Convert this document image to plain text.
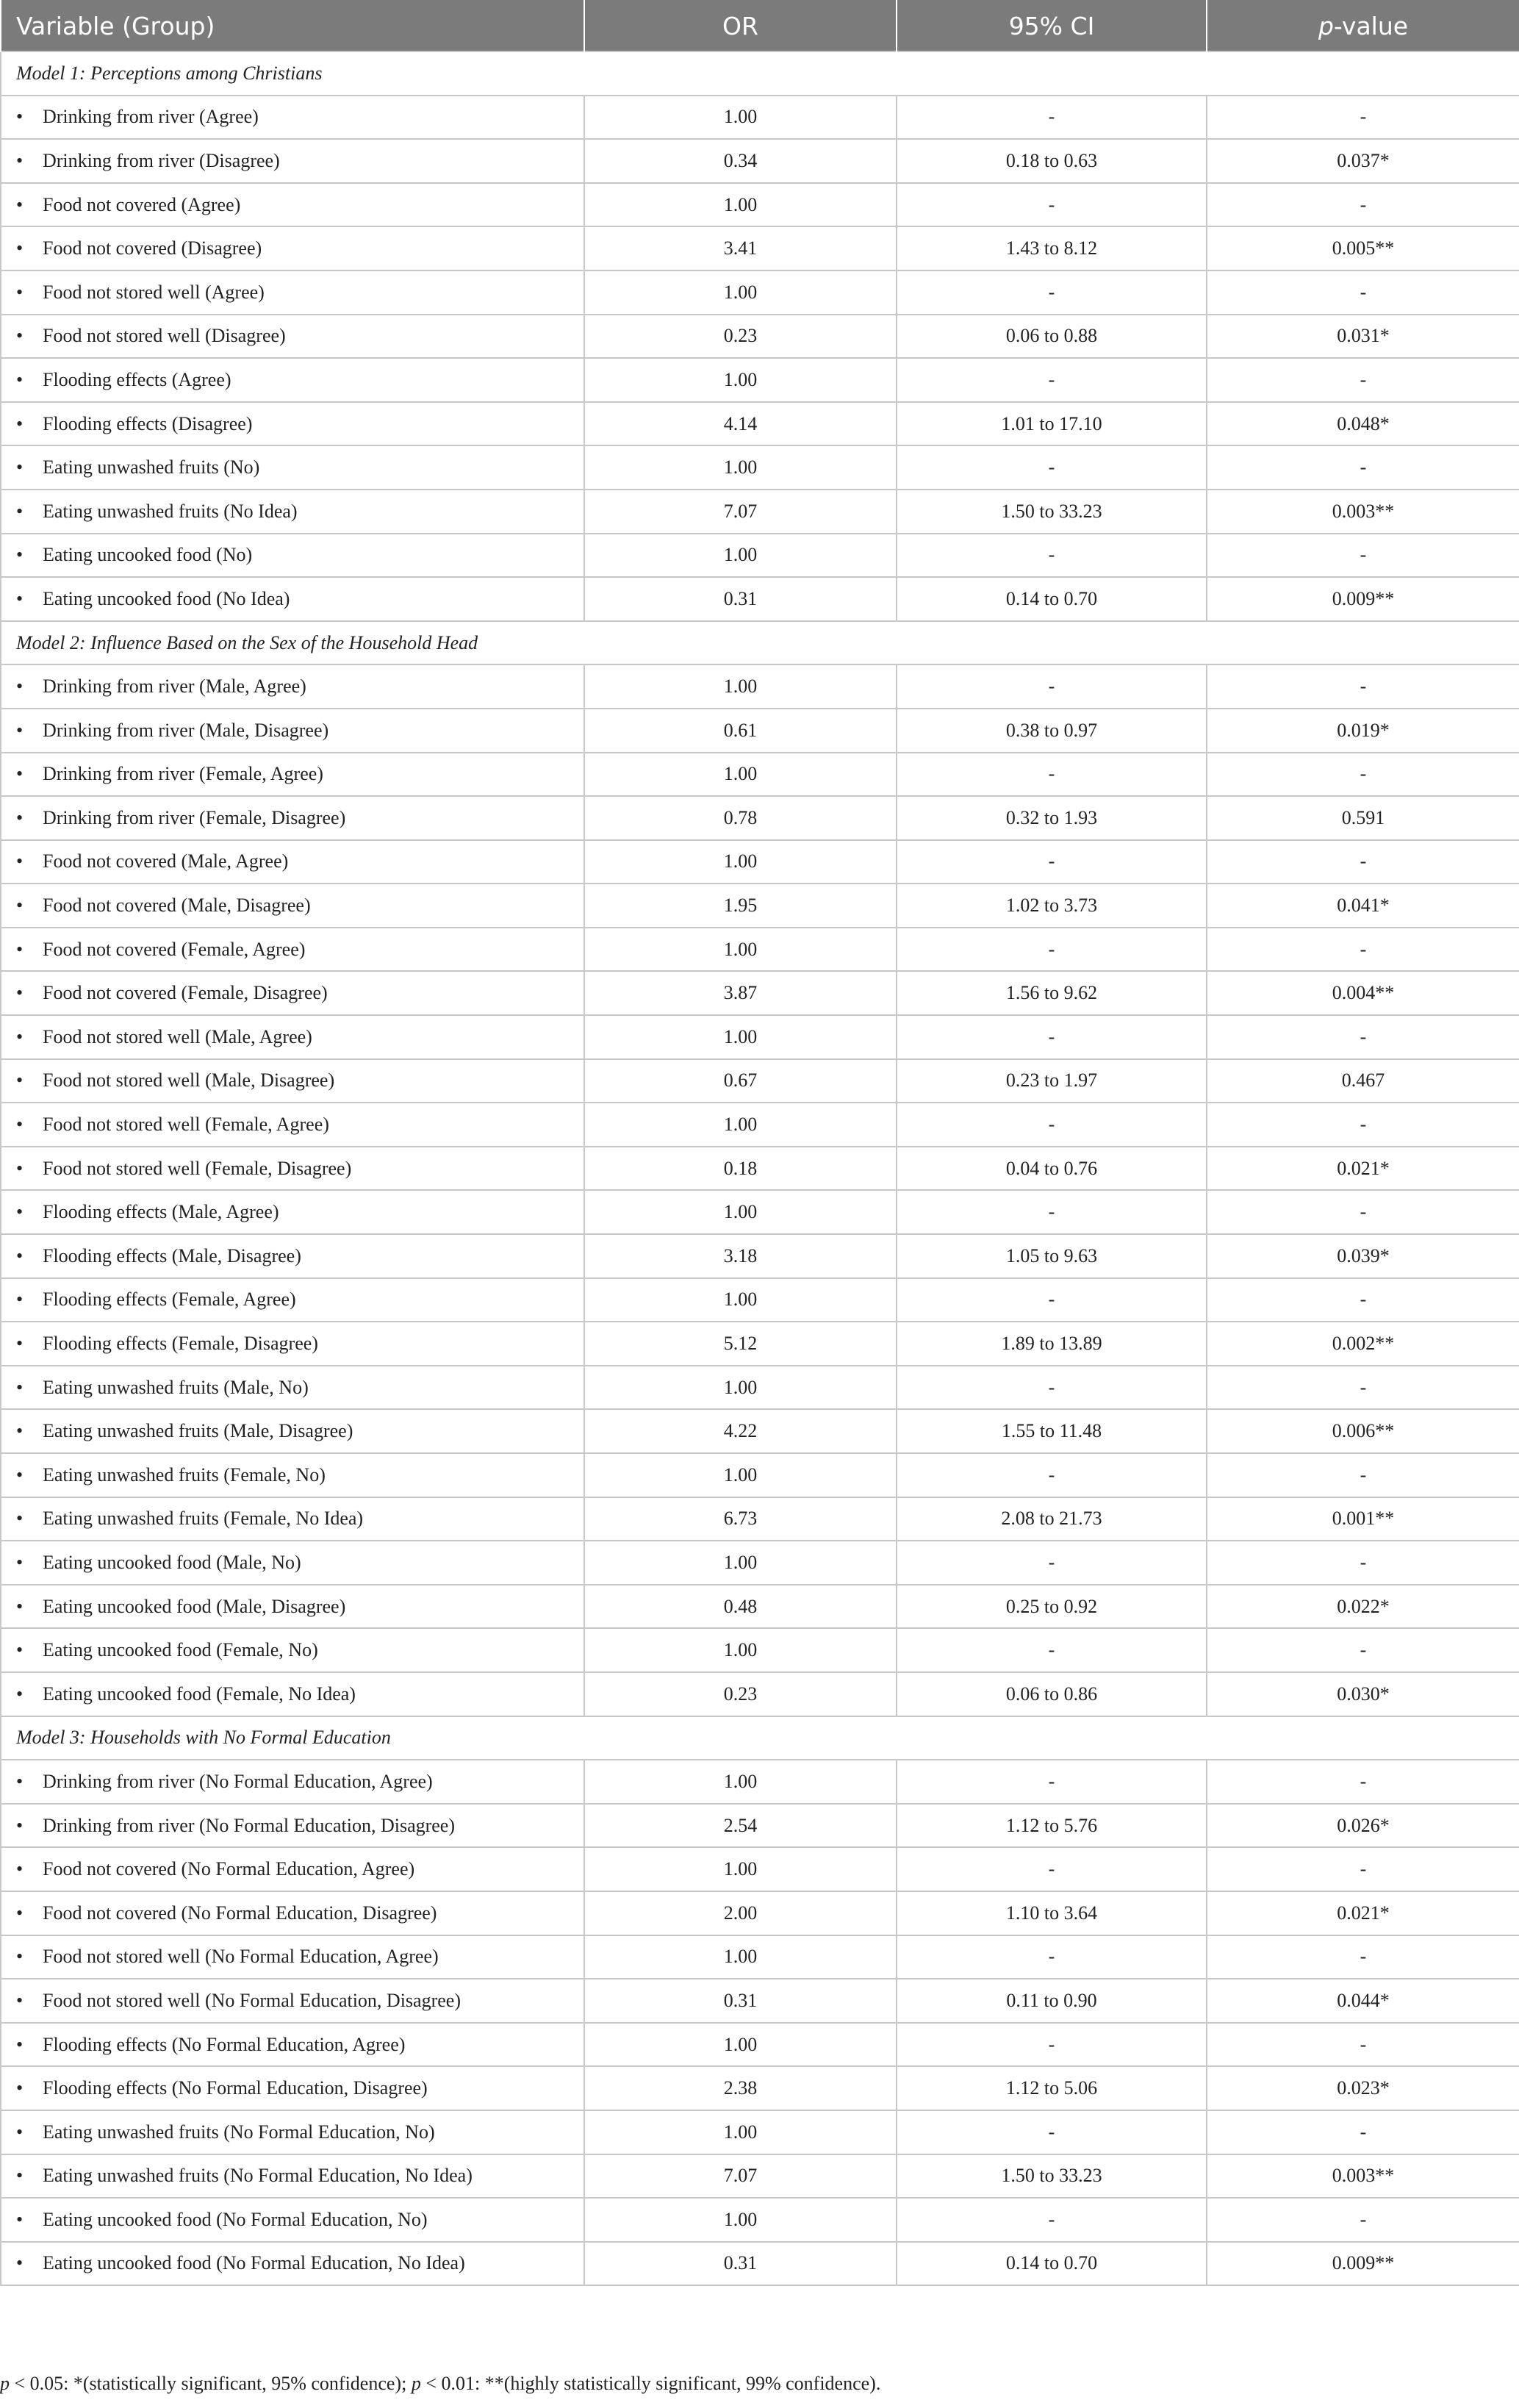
Variable (Group)	OR	95% CI	p-value
Model 1: Perceptions among Christians			
• Drinking from river (Agree)	1.00	-	-
• Drinking from river (Disagree)	0.34	0.18 to 0.63	0.037*
• Food not covered (Agree)	1.00	-	-
• Food not covered (Disagree)	3.41	1.43 to 8.12	0.005**
• Food not stored well (Agree)	1.00	-	-
• Food not stored well (Disagree)	0.23	0.06 to 0.88	0.031*
• Flooding effects (Agree)	1.00	-	-
• Flooding effects (Disagree)	4.14	1.01 to 17.10	0.048*
• Eating unwashed fruits (No)	1.00	-	-
• Eating unwashed fruits (No Idea)	7.07	1.50 to 33.23	0.003**
• Eating uncooked food (No)	1.00	-	-
• Eating uncooked food (No Idea)	0.31	0.14 to 0.70	0.009**
Model 2: Influence Based on the Sex of the Household Head			
• Drinking from river (Male, Agree)	1.00	-	-
• Drinking from river (Male, Disagree)	0.61	0.38 to 0.97	0.019*
• Drinking from river (Female, Agree)	1.00	-	-
• Drinking from river (Female, Disagree)	0.78	0.32 to 1.93	0.591
• Food not covered (Male, Agree)	1.00	-	-
• Food not covered (Male, Disagree)	1.95	1.02 to 3.73	0.041*
• Food not covered (Female, Agree)	1.00	-	-
• Food not covered (Female, Disagree)	3.87	1.56 to 9.62	0.004**
• Food not stored well (Male, Agree)	1.00	-	-
• Food not stored well (Male, Disagree)	0.67	0.23 to 1.97	0.467
• Food not stored well (Female, Agree)	1.00	-	-
• Food not stored well (Female, Disagree)	0.18	0.04 to 0.76	0.021*
• Flooding effects (Male, Agree)	1.00	-	-
• Flooding effects (Male, Disagree)	3.18	1.05 to 9.63	0.039*
• Flooding effects (Female, Agree)	1.00	-	-
• Flooding effects (Female, Disagree)	5.12	1.89 to 13.89	0.002**
• Eating unwashed fruits (Male, No)	1.00	-	-
• Eating unwashed fruits (Male, Disagree)	4.22	1.55 to 11.48	0.006**
• Eating unwashed fruits (Female, No)	1.00	-	-
• Eating unwashed fruits (Female, No Idea)	6.73	2.08 to 21.73	0.001**
• Eating uncooked food (Male, No)	1.00	-	-
• Eating uncooked food (Male, Disagree)	0.48	0.25 to 0.92	0.022*
• Eating uncooked food (Female, No)	1.00	-	-
• Eating uncooked food (Female, No Idea)	0.23	0.06 to 0.86	0.030*
Model 3: Households with No Formal Education			
• Drinking from river (No Formal Education, Agree)	1.00	-	-
• Drinking from river (No Formal Education, Disagree)	2.54	1.12 to 5.76	0.026*
• Food not covered (No Formal Education, Agree)	1.00	-	-
• Food not covered (No Formal Education, Disagree)	2.00	1.10 to 3.64	0.021*
• Food not stored well (No Formal Education, Agree)	1.00	-	-
• Food not stored well (No Formal Education, Disagree)	0.31	0.11 to 0.90	0.044*
• Flooding effects (No Formal Education, Agree)	1.00	-	-
• Flooding effects (No Formal Education, Disagree)	2.38	1.12 to 5.06	0.023*
• Eating unwashed fruits (No Formal Education, No)	1.00	-	-
• Eating unwashed fruits (No Formal Education, No Idea)	7.07	1.50 to 33.23	0.003**
• Eating uncooked food (No Formal Education, No)	1.00	-	-
• Eating uncooked food (No Formal Education, No Idea)	0.31	0.14 to 0.70	0.009**
p < 0.05: *(statistically significant, 95% confidence); p < 0.01: **(highly statistically significant, 99% confidence).
